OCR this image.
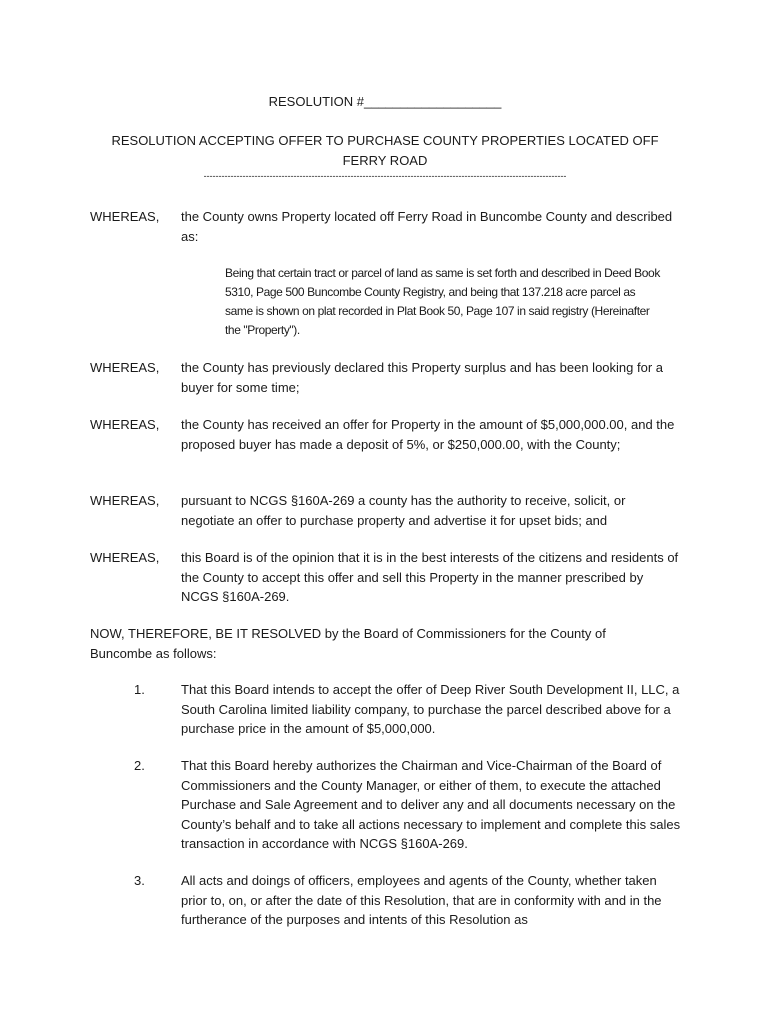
RESOLUTION #___________________
RESOLUTION ACCEPTING OFFER TO PURCHASE COUNTY PROPERTIES LOCATED OFF
FERRY ROAD
-------------------------------------------------------------------------------------------------------------------------
WHEREAS, the County owns Property located off Ferry Road in Buncombe County and described as:
Being that certain tract or parcel of land as same is set forth and described in Deed Book 5310, Page 500 Buncombe County Registry, and being that 137.218 acre parcel as same is shown on plat recorded in Plat Book 50, Page 107 in said registry (Hereinafter the "Property").
WHEREAS, the County has previously declared this Property surplus and has been looking for a buyer for some time;
WHEREAS, the County has received an offer for Property in the amount of $5,000,000.00, and the proposed buyer has made a deposit of 5%, or $250,000.00, with the County;
WHEREAS, pursuant to NCGS §160A-269 a county has the authority to receive, solicit, or negotiate an offer to purchase property and advertise it for upset bids; and
WHEREAS, this Board is of the opinion that it is in the best interests of the citizens and residents of the County to accept this offer and sell this Property in the manner prescribed by NCGS §160A-269.
NOW, THEREFORE, BE IT RESOLVED by the Board of Commissioners for the County of Buncombe as follows:
1.	That this Board intends to accept the offer of Deep River South Development II, LLC, a South Carolina limited liability company, to purchase the parcel described above for a purchase price in the amount of $5,000,000.
2.	That this Board hereby authorizes the Chairman and Vice-Chairman of the Board of Commissioners and the County Manager, or either of them, to execute the attached Purchase and Sale Agreement and to deliver any and all documents necessary on the County’s behalf and to take all actions necessary to implement and complete this sales transaction in accordance with NCGS §160A-269.
3.	All acts and doings of officers, employees and agents of the County, whether taken prior to, on, or after the date of this Resolution, that are in conformity with and in the furtherance of the purposes and intents of this Resolution as
